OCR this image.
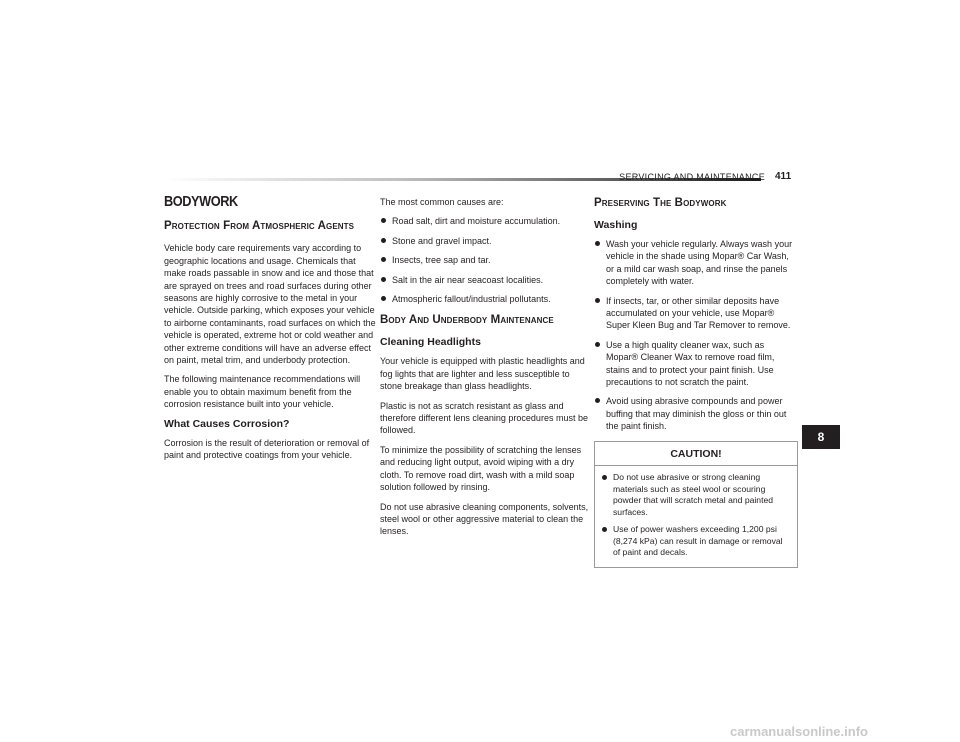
SERVICING AND MAINTENANCE 411
BODYWORK
Protection From Atmospheric Agents

Vehicle body care requirements vary according to geographic locations and usage. Chemicals that make roads passable in snow and ice and those that are sprayed on trees and road surfaces during other seasons are highly corrosive to the metal in your vehicle. Outside parking, which exposes your vehicle to airborne contaminants, road surfaces on which the vehicle is operated, extreme hot or cold weather and other extreme conditions will have an adverse effect on paint, metal trim, and underbody protection.

The following maintenance recommendations will enable you to obtain maximum benefit from the corrosion resistance built into your vehicle.

What Causes Corrosion?

Corrosion is the result of deterioration or removal of paint and protective coatings from your vehicle.

The most common causes are:

Road salt, dirt and moisture accumulation.
Stone and gravel impact.
Insects, tree sap and tar.
Salt in the air near seacoast localities.
Atmospheric fallout/industrial pollutants.
Body And Underbody Maintenance
Cleaning Headlights

Your vehicle is equipped with plastic headlights and fog lights that are lighter and less susceptible to stone breakage than glass headlights.

Plastic is not as scratch resistant as glass and therefore different lens cleaning procedures must be followed.

To minimize the possibility of scratching the lenses and reducing light output, avoid wiping with a dry cloth. To remove road dirt, wash with a mild soap solution followed by rinsing.

Do not use abrasive cleaning components, solvents, steel wool or other aggressive material to clean the lenses.

Preserving The Bodywork
Washing
Wash your vehicle regularly. Always wash your vehicle in the shade using Mopar® Car Wash, or a mild car wash soap, and rinse the panels completely with water.
If insects, tar, or other similar deposits have accumulated on your vehicle, use Mopar® Super Kleen Bug and Tar Remover to remove.
Use a high quality cleaner wax, such as Mopar® Cleaner Wax to remove road film, stains and to protect your paint finish. Use precautions to not scratch the paint.
Avoid using abrasive compounds and power buffing that may diminish the gloss or thin out the paint finish.
CAUTION!
Do not use abrasive or strong cleaning materials such as steel wool or scouring powder that will scratch metal and painted surfaces.
Use of power washers exceeding 1,200 psi (8,274 kPa) can result in damage or removal of paint and decals.
8
carmanualsonline.info
